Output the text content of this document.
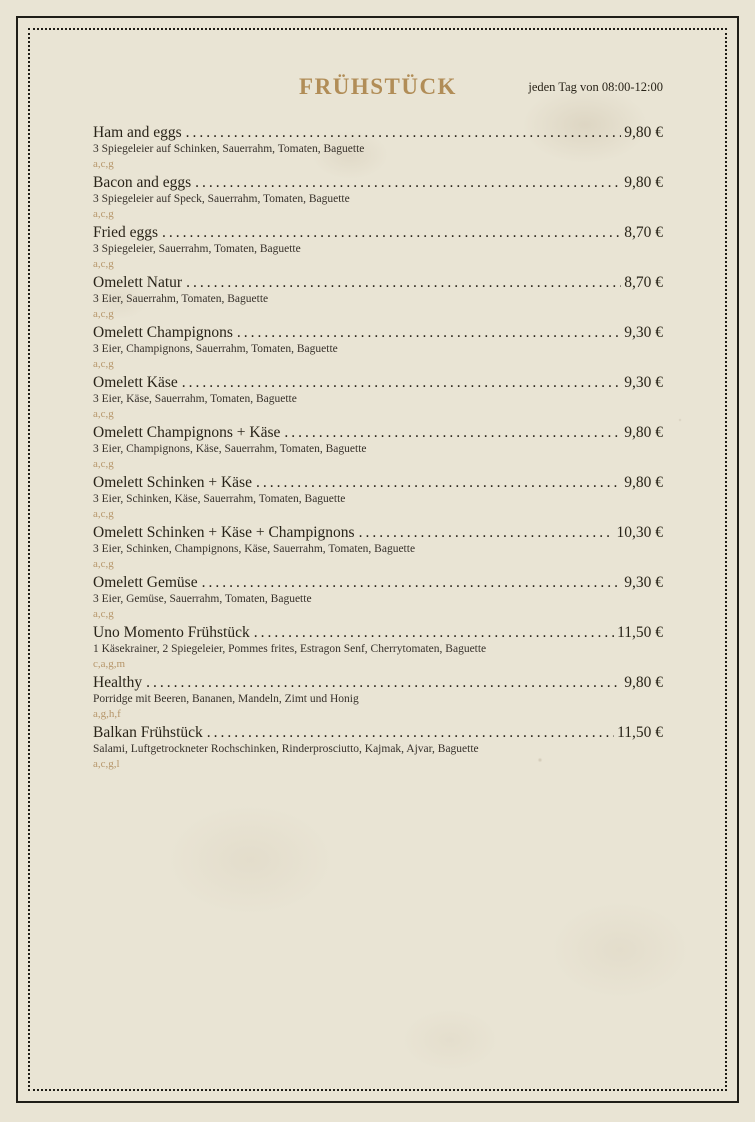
FRÜHSTÜCK	jeden Tag von 08:00-12:00
Ham and eggs .....	9,80 €
3 Spiegeleier auf Schinken, Sauerrahm, Tomaten, Baguette
a,c,g
Bacon and eggs .....	9,80 €
3 Spiegeleier auf Speck, Sauerrahm, Tomaten, Baguette
a,c,g
Fried eggs .....	8,70 €
3 Spiegeleier, Sauerrahm, Tomaten, Baguette
a,c,g
Omelett Natur .....	8,70 €
3 Eier, Sauerrahm, Tomaten, Baguette
a,c,g
Omelett Champignons .....	9,30 €
3 Eier, Champignons, Sauerrahm, Tomaten, Baguette
a,c,g
Omelett Käse .....	9,30 €
3 Eier, Käse, Sauerrahm, Tomaten, Baguette
a,c,g
Omelett Champignons + Käse .....	9,80 €
3 Eier, Champignons, Käse, Sauerrahm, Tomaten, Baguette
a,c,g
Omelett Schinken + Käse .....	9,80 €
3 Eier, Schinken, Käse, Sauerrahm, Tomaten, Baguette
a,c,g
Omelett Schinken + Käse + Champignons .....	10,30 €
3 Eier, Schinken, Champignons, Käse, Sauerrahm, Tomaten, Baguette
a,c,g
Omelett Gemüse .....	9,30 €
3 Eier, Gemüse, Sauerrahm, Tomaten, Baguette
a,c,g
Uno Momento Frühstück .....	11,50 €
1 Käsekrainer, 2 Spiegeleier, Pommes frites, Estragon Senf, Cherrytomaten, Baguette
c,a,g,m
Healthy .....	9,80 €
Porridge mit Beeren, Bananen, Mandeln, Zimt und Honig
a,g,h,f
Balkan Frühstück .....	11,50 €
Salami, Luftgetrockneter Rochschinken, Rinderprosciutto, Kajmak, Ajvar, Baguette
a,c,g,l
